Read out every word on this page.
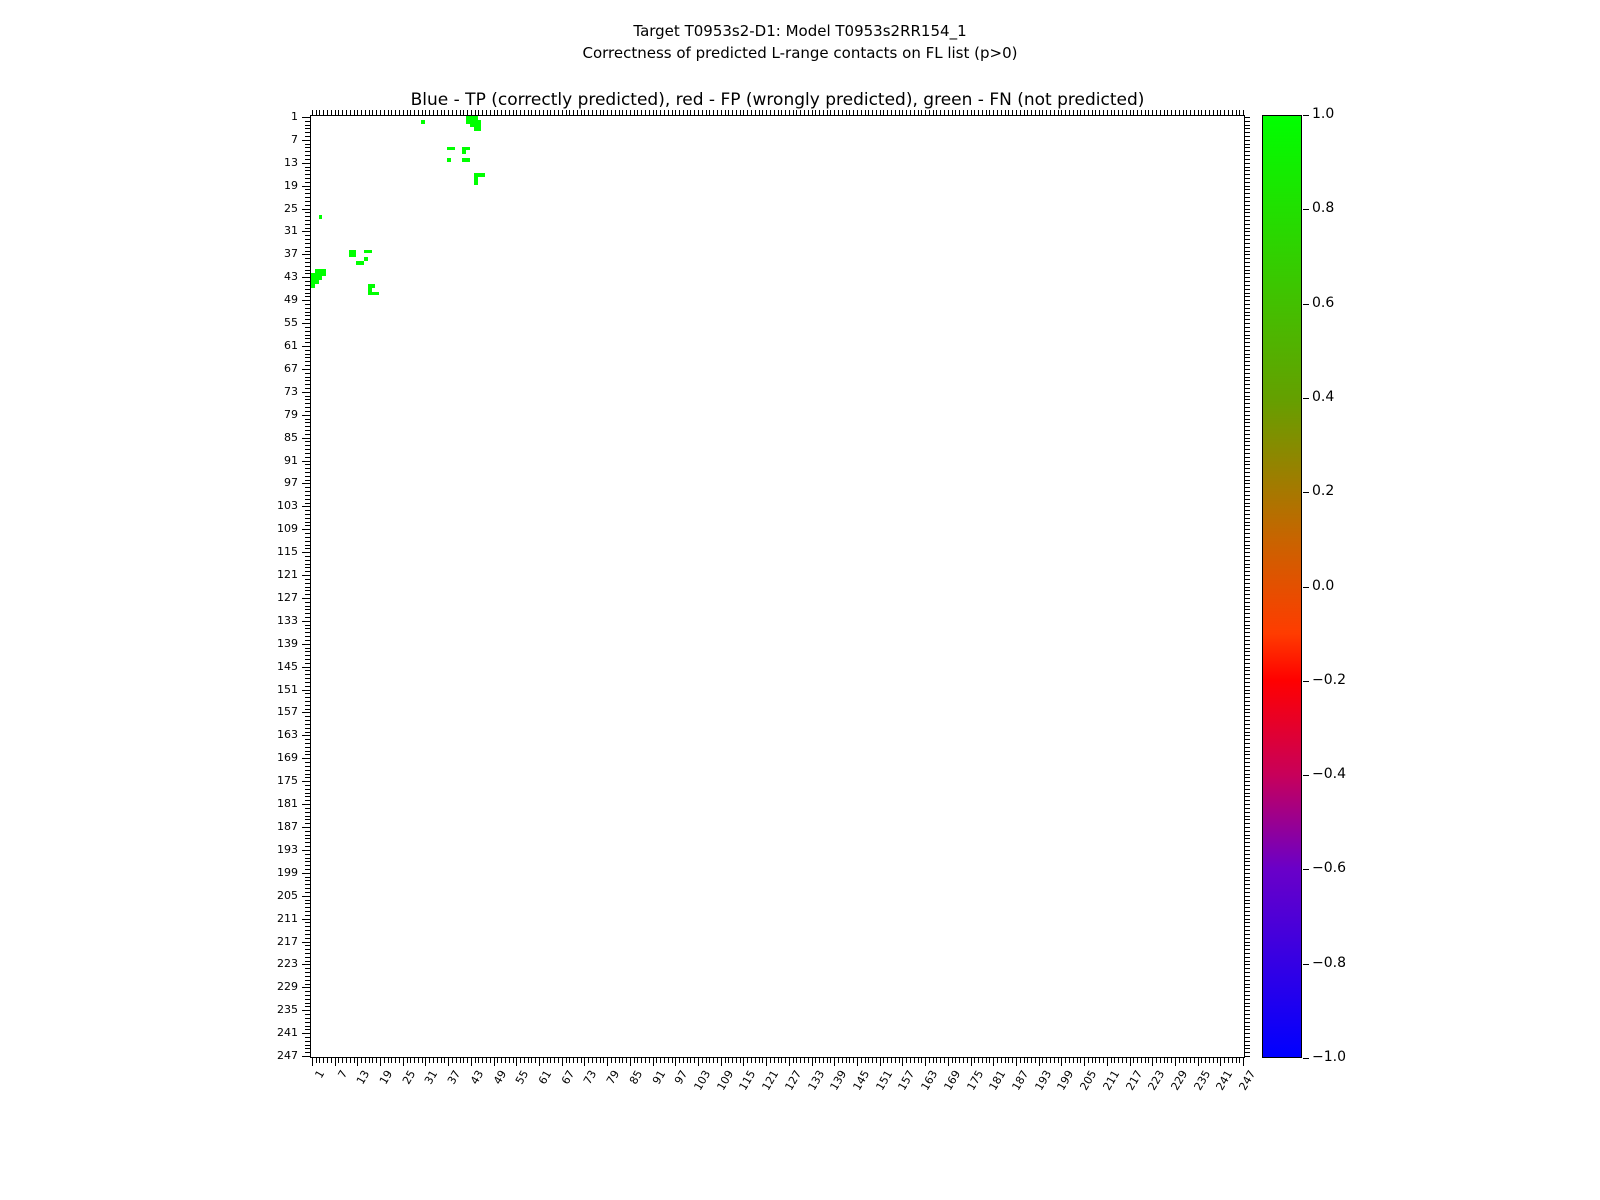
Target T0953s2-D1: Model T0953s2RR154_1
Correctness of predicted L-range contacts on FL list (p>0)
Blue - TP (correctly predicted), red - FP (wrongly predicted), green - FN (not predicted)
1
7
13
19
25
31
37
43
49
55
61
67
73
79
85
91
97
103
109
115
121
127
133
139
145
151
157
163
169
175
181
187
193
199
205
211
217
223
229
235
241
247
1 7 13 19 25 31 37 43 49 55 61 67 73 79 85 91 97 103 109 115 121 127 133 139 145 151 157 163 169 175 181 187 193 199 205 211 217 223 229 235 241 247
1.0
0.8
0.6
0.4
0.2
0.0
−0.2
−0.4
−0.6
−0.8
−1.0
